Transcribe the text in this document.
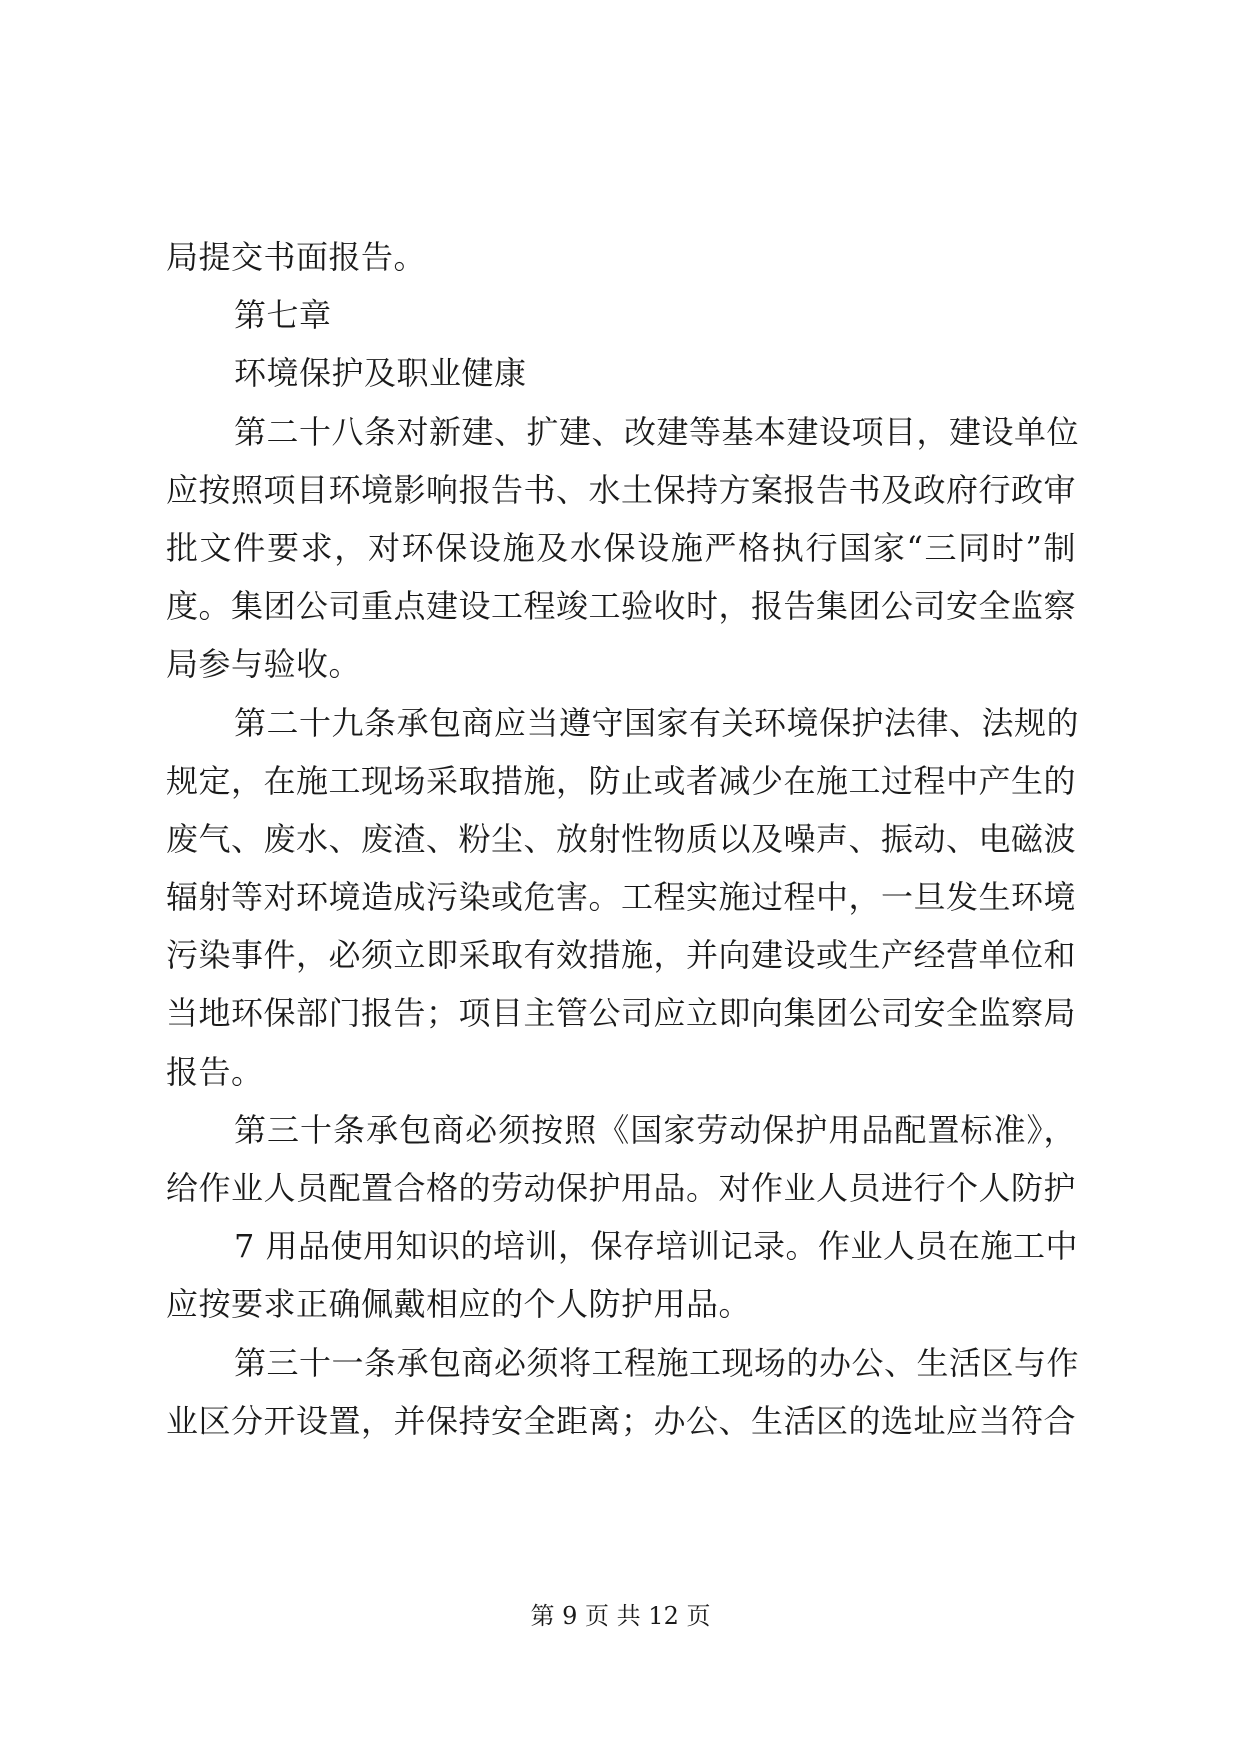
局提交书面报告。
第七章
环境保护及职业健康
第二十八条对新建、扩建、改建等基本建设项目，建设单位
应按照项目环境影响报告书、水土保持方案报告书及政府行政审
批文件要求，对环保设施及水保设施严格执行国家“三同时”制
度。集团公司重点建设工程竣工验收时，报告集团公司安全监察
局参与验收。
第二十九条承包商应当遵守国家有关环境保护法律、法规的
规定，在施工现场采取措施，防止或者减少在施工过程中产生的
废气、废水、废渣、粉尘、放射性物质以及噪声、振动、电磁波
辐射等对环境造成污染或危害。工程实施过程中，一旦发生环境
污染事件，必须立即采取有效措施，并向建设或生产经营单位和
当地环保部门报告；项目主管公司应立即向集团公司安全监察局
报告。
第三十条承包商必须按照《国家劳动保护用品配置标准》，
给作业人员配置合格的劳动保护用品。对作业人员进行个人防护
7 用品使用知识的培训，保存培训记录。作业人员在施工中
应按要求正确佩戴相应的个人防护用品。
第三十一条承包商必须将工程施工现场的办公、生活区与作
业区分开设置，并保持安全距离；办公、生活区的选址应当符合
第 9 页 共 12 页
